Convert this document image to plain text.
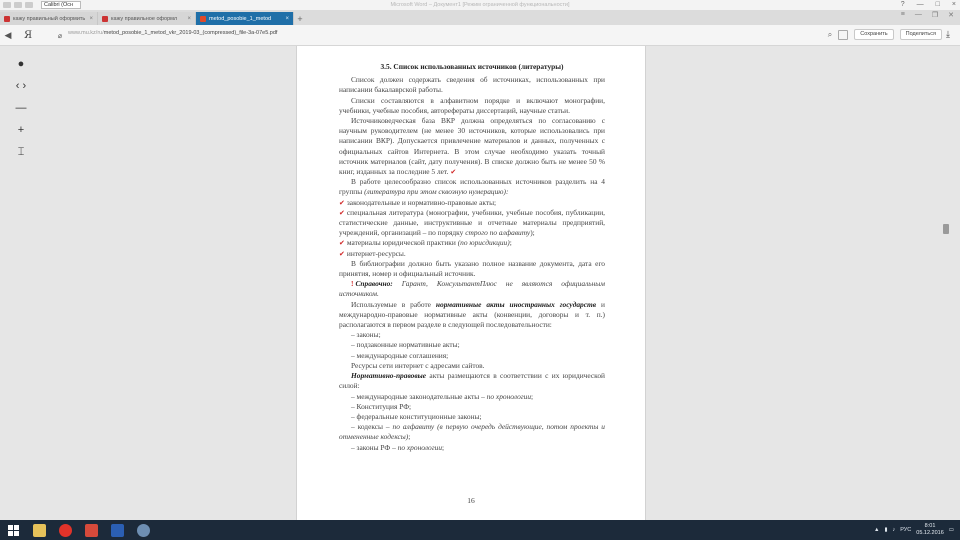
Calibri (Осн	Microsoft Word – Документ1 [Режим ограниченной функциональности]	? — □ ×
кажу правильный оформить ×	кажу правильное оформл	×	metod_posobie_1_metod	× +	≡ — ❐ ✕
◀	Я	⌀	www.mu.kz/ru/metod_posobie_1_metod_vkr_2019-03_(compressed)_file-3a-07e5.pdf	⌕	Сохранить	Поделиться	⤓
●
‹ ›
—
+
⌶
3.5. Список использованных источников (литературы)

Список должен содержать сведения об источниках, использованных при написании бакалаврской работы.

Списки составляются в алфавитном порядке и включают монографии, учебники, учебные пособия, авторефераты диссертаций, научные статьи.

Источниковедческая база ВКР должна определяться по согласованию с научным руководителем (не менее 30 источников, которые использовались при написании ВКР). Допускается привлечение материалов и данных, полученных с официальных сайтов Интернета. В этом случае необходимо указать точный источник материалов (сайт, дату получения). В списке должно быть не менее 50 % книг, изданных за последние 5 лет. ✔

В работе целесообразно список использованных источников разделить на 4 группы (литература при этом сквозную нумерацию):

✔ законодательные и нормативно-правовые акты;

✔ специальная литература (монографии, учебники, учебные пособия, публикации, статистические данные, инструктивные и отчетные материалы предприятий, учреждений, организаций – по порядку строго по алфавиту);

✔ материалы юридической практики (по юрисдикции);

✔ интернет-ресурсы.

В библиографии должно быть указано полное название документа, дата его принятия, номер и официальный источник.

! Справочно: Гарант, КонсультантПлюс не являются официальным источником.

Используемые в работе нормативные акты иностранных государств и международно-правовые нормативные акты (конвенции, договоры и т. п.) располагаются в первом разделе в следующей последовательности:

– законы;

– подзаконные нормативные акты;

– международные соглашения;

Ресурсы сети интернет с адресами сайтов.

Нормативно-правовые акты размещаются в соответствии с их юридической силой:

– международные законодательные акты – по хронологии;

– Конституция РФ;

– федеральные конституционные законы;

– кодексы – по алфавиту (в первую очередь действующие, потом проекты и отмененные кодексы);

– законы РФ – по хронологии;

16
▲ ▮ ♪ РУС
8:01
05.12.2016 ▭
